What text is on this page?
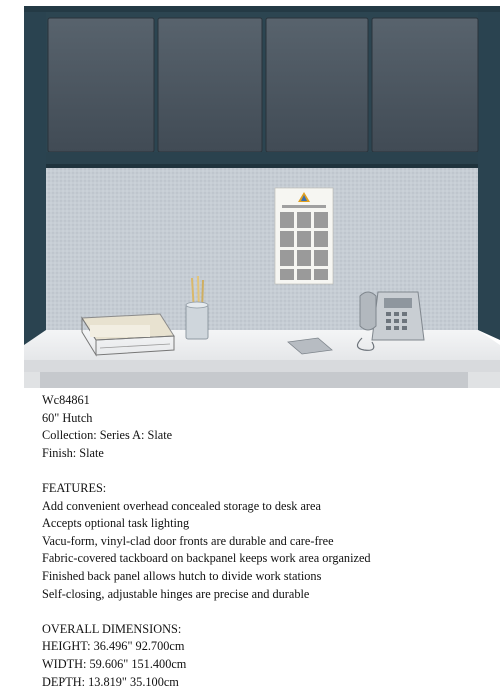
Wc84861
60" Hutch
Collection: Series A: Slate
Finish: Slate
FEATURES:
Add convenient overhead concealed storage to desk area
Accepts optional task lighting
Vacu-form, vinyl-clad door fronts are durable and care-free
Fabric-covered tackboard on backpanel keeps work area organized
Finished back panel allows hutch to divide work stations
Self-closing, adjustable hinges are precise and durable
OVERALL DIMENSIONS:
HEIGHT: 36.496" 92.700cm
WIDTH: 59.606" 151.400cm
DEPTH: 13.819" 35.100cm
